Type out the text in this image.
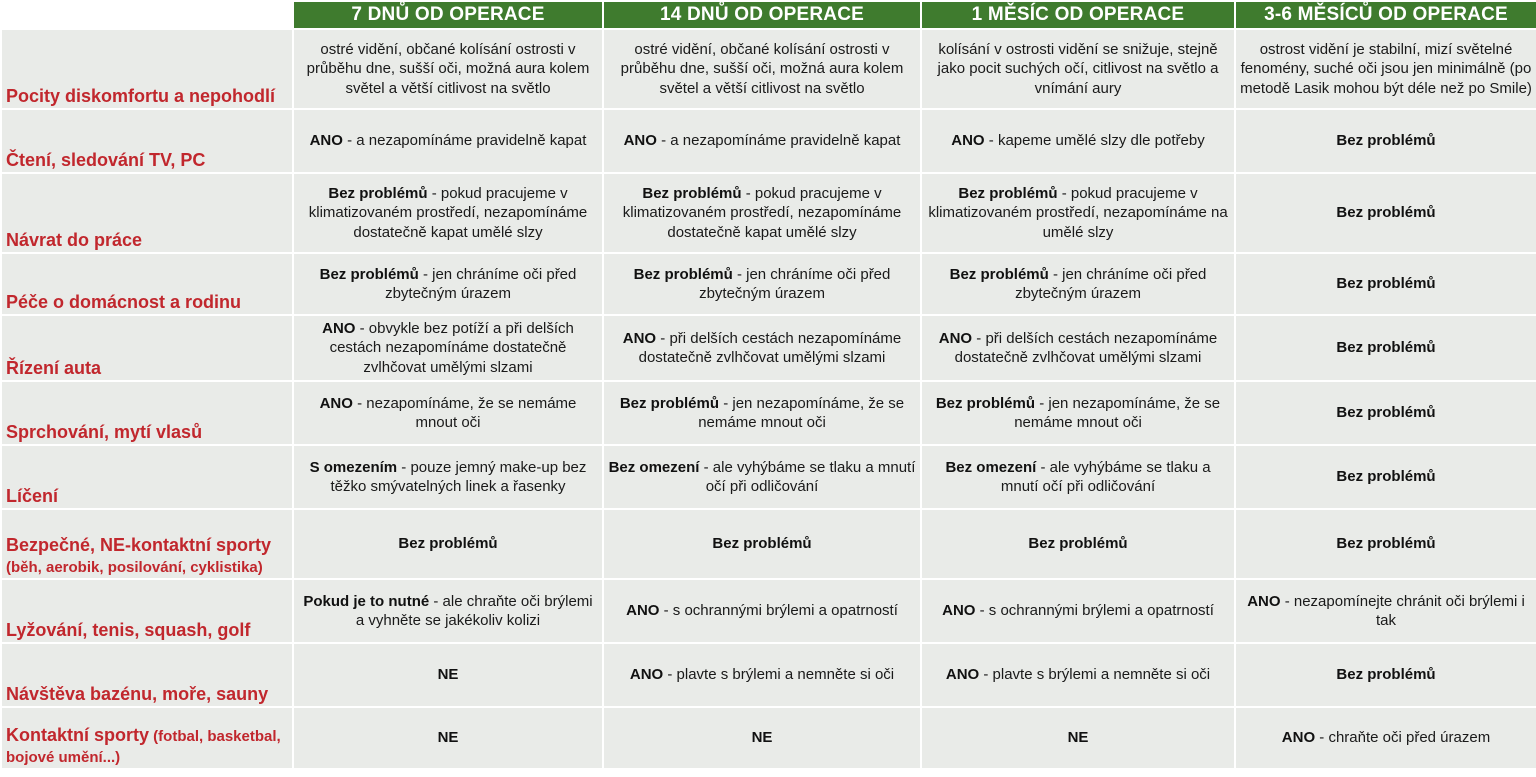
	7 DNŮ OD OPERACE	14 DNŮ OD OPERACE	1 MĚSÍC OD OPERACE	3-6 MĚSÍCŮ OD OPERACE
Pocity diskomfortu a nepohodlí	ostré vidění, občané kolísání ostrosti v průběhu dne, sušší oči, možná aura kolem světel a větší citlivost na světlo	ostré vidění, občané kolísání ostrosti v průběhu dne, sušší oči, možná aura kolem světel a větší citlivost na světlo	kolísání v ostrosti vidění se snižuje, stejně jako pocit suchých očí, citlivost na světlo a vnímání aury	ostrost vidění je stabilní, mizí světelné fenomény, suché oči jsou jen minimálně (po metodě Lasik mohou být déle než po Smile)
Čtení, sledování TV, PC	ANO - a nezapomínáme pravidelně kapat	ANO - a nezapomínáme pravidelně kapat	ANO - kapeme umělé slzy dle potřeby	Bez problémů
Návrat do práce	Bez problémů - pokud pracujeme v klimatizovaném prostředí, nezapomínáme dostatečně kapat umělé slzy	Bez problémů - pokud pracujeme v klimatizovaném prostředí, nezapomínáme dostatečně kapat umělé slzy	Bez problémů - pokud pracujeme v klimatizovaném prostředí, nezapomínáme na umělé slzy	Bez problémů
Péče o domácnost a rodinu	Bez problémů - jen chráníme oči před zbytečným úrazem	Bez problémů - jen chráníme oči před zbytečným úrazem	Bez problémů - jen chráníme oči před zbytečným úrazem	Bez problémů
Řízení auta	ANO - obvykle bez potíží a při delších cestách nezapomínáme dostatečně zvlhčovat umělými slzami	ANO - při delších cestách nezapomínáme dostatečně zvlhčovat umělými slzami	ANO - při delších cestách nezapomínáme dostatečně zvlhčovat umělými slzami	Bez problémů
Sprchování, mytí vlasů	ANO - nezapomínáme, že se nemáme mnout oči	Bez problémů - jen nezapomínáme, že se nemáme mnout oči	Bez problémů - jen nezapomínáme, že se nemáme mnout oči	Bez problémů
Líčení	S omezením - pouze jemný make-up bez těžko smývatelných linek a řasenky	Bez omezení - ale vyhýbáme se tlaku a mnutí očí při odličování	Bez omezení - ale vyhýbáme se tlaku a mnutí očí při odličování	Bez problémů
Bezpečné, NE-kontaktní sporty (běh, aerobik, posilování, cyklistika)	Bez problémů	Bez problémů	Bez problémů	Bez problémů
Lyžování, tenis, squash, golf	Pokud je to nutné - ale chraňte oči brýlemi a vyhněte se jakékoliv kolizi	ANO - s ochrannými brýlemi a opatrností	ANO - s ochrannými brýlemi a opatrností	ANO - nezapomínejte chránit oči brýlemi i tak
Návštěva bazénu, moře, sauny	NE	ANO - plavte s brýlemi a nemněte si oči	ANO - plavte s brýlemi a nemněte si oči	Bez problémů
Kontaktní sporty (fotbal, basketbal, bojové umění...)	NE	NE	NE	ANO - chraňte oči před úrazem
